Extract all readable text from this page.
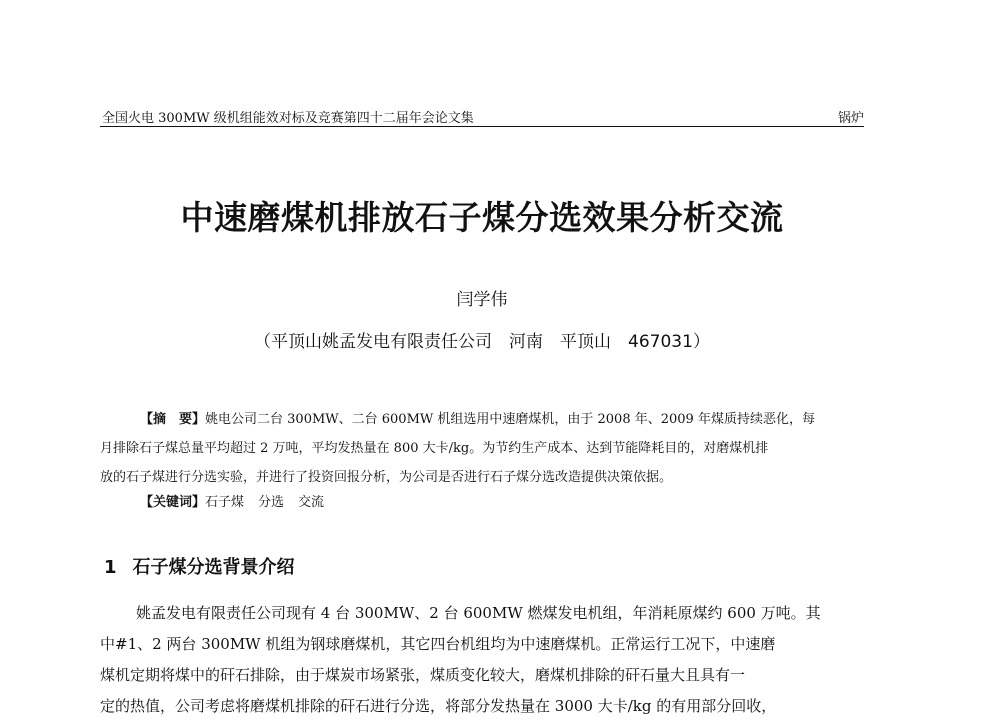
全国火电 300MW 级机组能效对标及竞赛第四十二届年会论文集	锅炉
中速磨煤机排放石子煤分选效果分析交流
闫学伟
（平顶山姚孟发电有限责任公司　河南　平顶山　467031）

【摘　要】姚电公司二台 300MW、二台 600MW 机组选用中速磨煤机，由于 2008 年、2009 年煤质持续恶化，每

月排除石子煤总量平均超过 2 万吨，平均发热量在 800 大卡/kg。为节约生产成本、达到节能降耗目的，对磨煤机排
放的石子煤进行分选实验，并进行了投资回报分析，为公司是否进行石子煤分选改造提供决策依据。

【关键词】石子煤 分选 交流
1 石子煤分选背景介绍
姚孟发电有限责任公司现有 4 台 300MW、2 台 600MW 燃煤发电机组，年消耗原煤约 600 万吨。其
中#1、2 两台 300MW 机组为钢球磨煤机，其它四台机组均为中速磨煤机。正常运行工况下，中速磨
煤机定期将煤中的矸石排除，由于煤炭市场紧张，煤质变化较大，磨煤机排除的矸石量大且具有一
定的热值，公司考虑将磨煤机排除的矸石进行分选，将部分发热量在 3000 大卡/kg 的有用部分回收，
